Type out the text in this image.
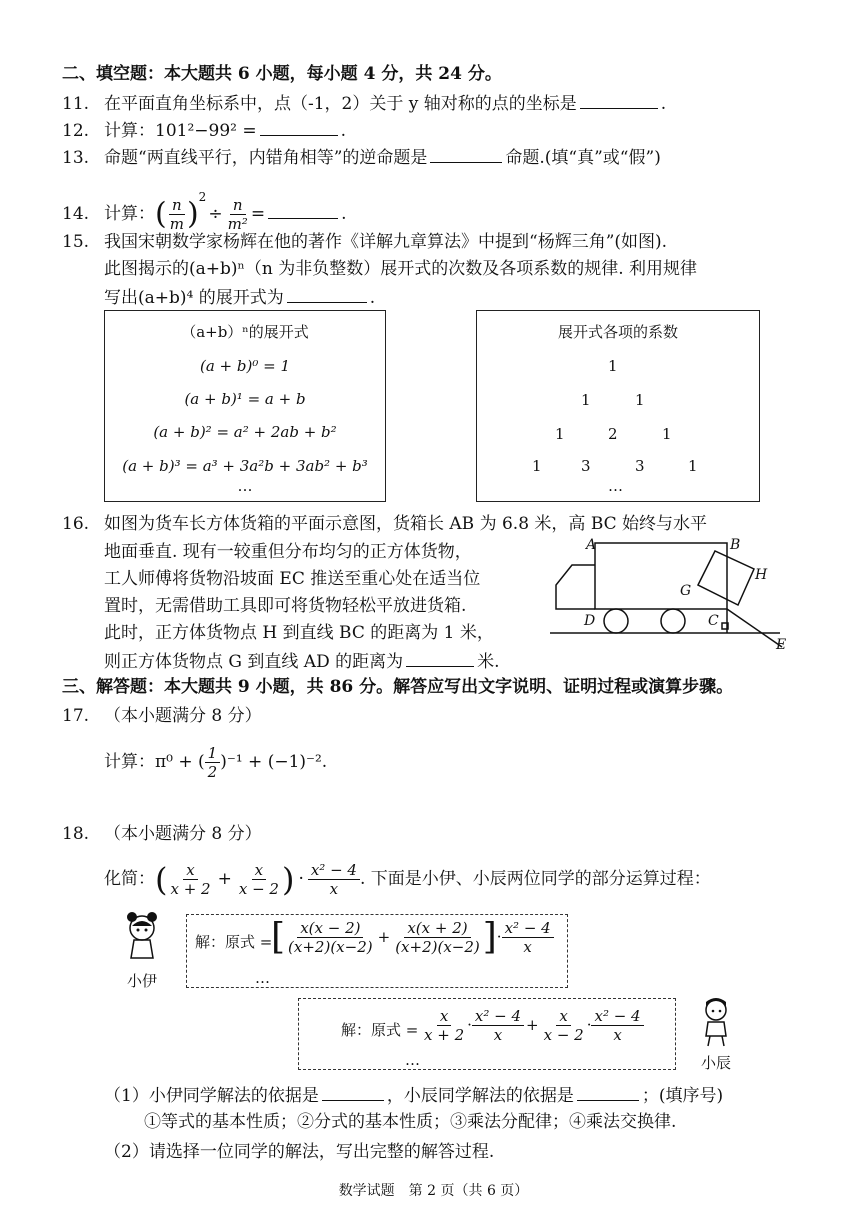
二、填空题：本大题共 6 小题，每小题 4 分，共 24 分。
11. 在平面直角坐标系中，点（-1，2）关于 y 轴对称的点的坐标是	.
12. 计算：101²−99² =	.
13. 命题“两直线平行，内错角相等”的逆命题是	命题.(填“真”或“假”)
14. 计算：( $\frac{n}{m} )^2\div \frac{n}{\text{m²}}$ =	.
15. 我国宋朝数学家杨辉在他的著作《详解九章算法》中提到“杨辉三角”(如图).
此图揭示的(a+b)ⁿ（n 为非负整数）展开式的次数及各项系数的规律. 利用规律
写出(a+b)⁴ 的展开式为	.
（a+b）ⁿ的展开式
(a + b)⁰ = 1
(a + b)¹ = a + b
(a + b)² = a² + 2ab + b²
(a + b)³ = a³ + 3a²b + 3ab² + b³
…
展开式各项的系数
1
1	1
1	2	1
1	3	3	1
…
16. 如图为货车长方体货箱的平面示意图，货箱长 AB 为 6.8 米，高 BC 始终与水平
地面垂直. 现有一较重但分布均匀的正方体货物，
工人师傅将货物沿坡面 EC 推送至重心处在适当位
置时，无需借助工具即可将货物轻松平放进货箱.
此时，正方体货物点 H 到直线 BC 的距离为 1 米，
则正方体货物点 G 到直线 AD 的距离为	米.
A	B
C
D
E
G
H
三、解答题：本大题共 9 小题，共 86 分。解答应写出文字说明、证明过程或演算步骤。
17. （本小题满分 8 分）
计算：π⁰ + ( $\frac{1}{2} )^{-1} + (-1)^{-2}$.
18. （本小题满分 8 分）
化简：( $\frac{x}{x + 2} + \frac{x}{x - 2}$ ) · $\frac{\text{x² − 4}}{x}$ . 下面是小伊、小辰两位同学的部分运算过程：
小伊
解：原式 =
[ $\frac{x(x - 2)}{(x+2)(x-2)} + \frac{x(x + 2)}{(x+2)(x-2)}$ ]· $\frac{\text{x² − 4}}{x}$
…
解：原式 = $\frac{x}{x + 2} \cdot \frac{\text{x² − 4}}{x} + \frac{x}{x - 2} \cdot \frac{\text{x² − 4}}{x}$
…	小辰
（1）小伊同学解法的依据是	，小辰同学解法的依据是	；(填序号)
①等式的基本性质；②分式的基本性质；③乘法分配律；④乘法交换律.
（2）请选择一位同学的解法，写出完整的解答过程.
数学试题　第 2 页（共 6 页）
